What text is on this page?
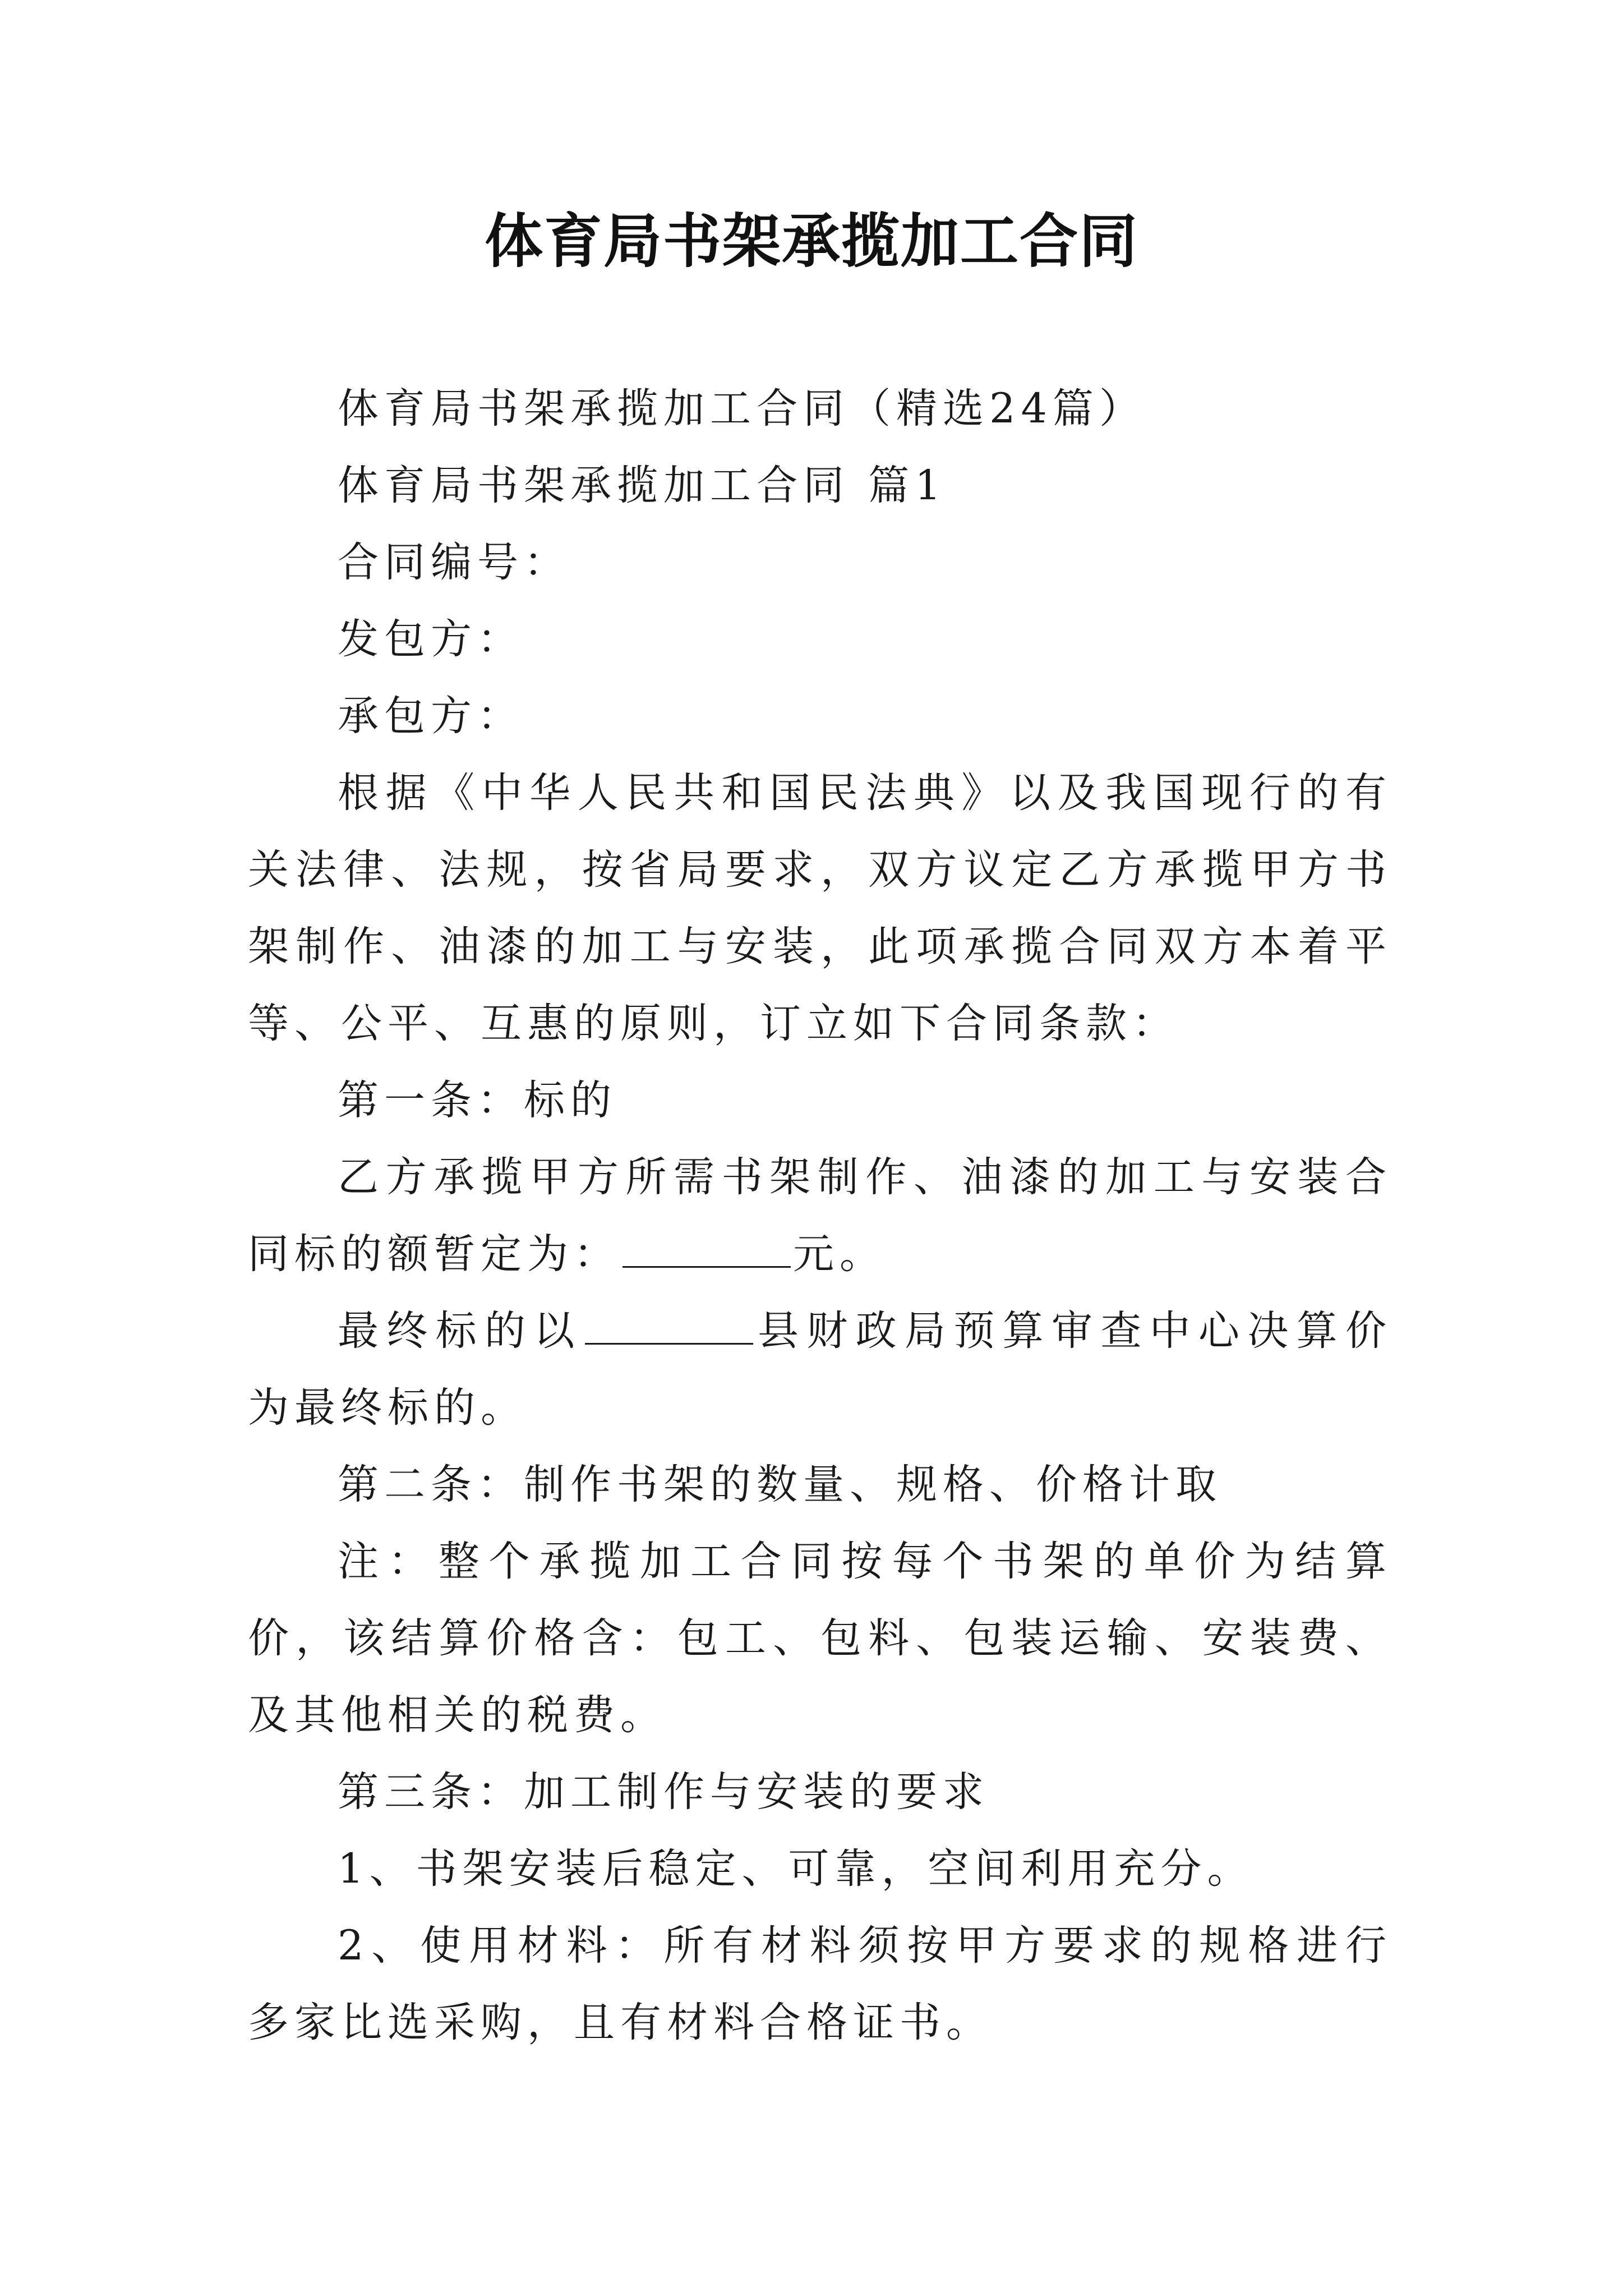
体育局书架承揽加工合同

体育局书架承揽加工合同（精选24篇）

体育局书架承揽加工合同 篇1

合同编号：

发包方：

承包方：

根据《中华人民共和国民法典》以及我国现行的有关法律、法规，按省局要求，双方议定乙方承揽甲方书架制作、油漆的加工与安装，此项承揽合同双方本着平等、公平、互惠的原则，订立如下合同条款：

第一条：标的

乙方承揽甲方所需书架制作、油漆的加工与安装合同标的额暂定为：	元。

最终标的以	县财政局预算审查中心决算价为最终标的。

第二条：制作书架的数量、规格、价格计取

注：整个承揽加工合同按每个书架的单价为结算价，该结算价格含：包工、包料、包装运输、安装费、及其他相关的税费。

第三条：加工制作与安装的要求

1、书架安装后稳定、可靠，空间利用充分。

2、使用材料：所有材料须按甲方要求的规格进行多家比选采购，且有材料合格证书。
